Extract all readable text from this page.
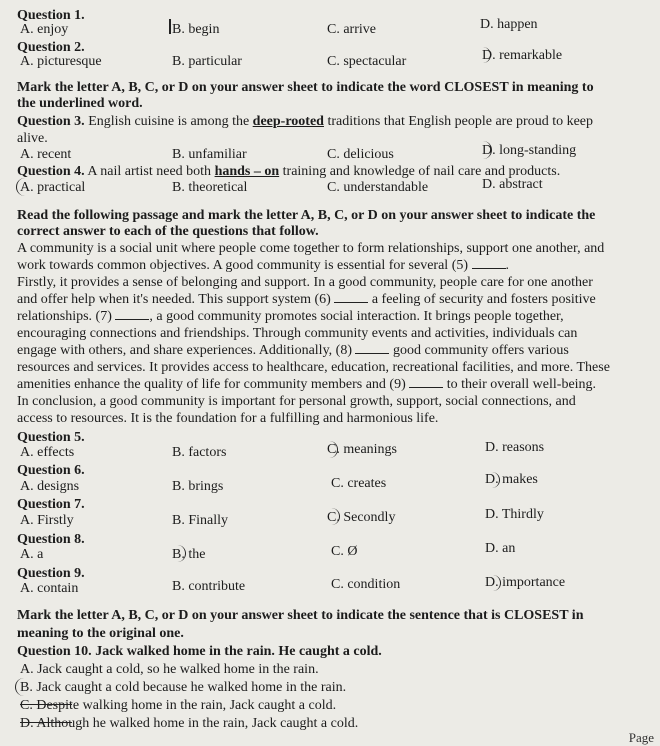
Question 1.
A. enjoy	B. begin	C. arrive	D. happen
Question 2.
A. picturesque	B. particular	C. spectacular	D. remarkable
Mark the letter A, B, C, or D on your answer sheet to indicate the word CLOSEST in meaning to
the underlined word.
Question 3. English cuisine is among the deep-rooted traditions that English people are proud to keep
alive.
A. recent	B. unfamiliar	C. delicious	D. long-standing
Question 4. A nail artist need both hands – on training and knowledge of nail care and products.
A. practical	B. theoretical	C. understandable	D. abstract
Read the following passage and mark the letter A, B, C, or D on your answer sheet to indicate the
correct answer to each of the questions that follow.
A community is a social unit where people come together to form relationships, support one another, and
work towards common objectives. A good community is essential for several (5) .
Firstly, it provides a sense of belonging and support. In a good community, people care for one another
and offer help when it's needed. This support system (6)  a feeling of security and fosters positive
relationships. (7) , a good community promotes social interaction. It brings people together,
encouraging connections and friendships. Through community events and activities, individuals can
engage with others, and share experiences. Additionally, (8)  good community offers various
resources and services. It provides access to healthcare, education, recreational facilities, and more. These
amenities enhance the quality of life for community members and (9)  to their overall well-being.
In conclusion, a good community is important for personal growth, support, social connections, and
access to resources. It is the foundation for a fulfilling and harmonious life.
Question 5.
A. effects	B. factors	C. meanings	D. reasons
Question 6.
A. designs	B. brings	C. creates	D. makes
Question 7.
A. Firstly	B. Finally	C. Secondly	D. Thirdly
Question 8.
A. a	B. the	C. Ø	D. an
Question 9.
A. contain	B. contribute	C. condition	D. importance
Mark the letter A, B, C, or D on your answer sheet to indicate the sentence that is CLOSEST in
meaning to the original one.
Question 10. Jack walked home in the rain. He caught a cold.
A. Jack caught a cold, so he walked home in the rain.
B. Jack caught a cold because he walked home in the rain.
C. Despite walking home in the rain, Jack caught a cold.
D. Although he walked home in the rain, Jack caught a cold.
Page
